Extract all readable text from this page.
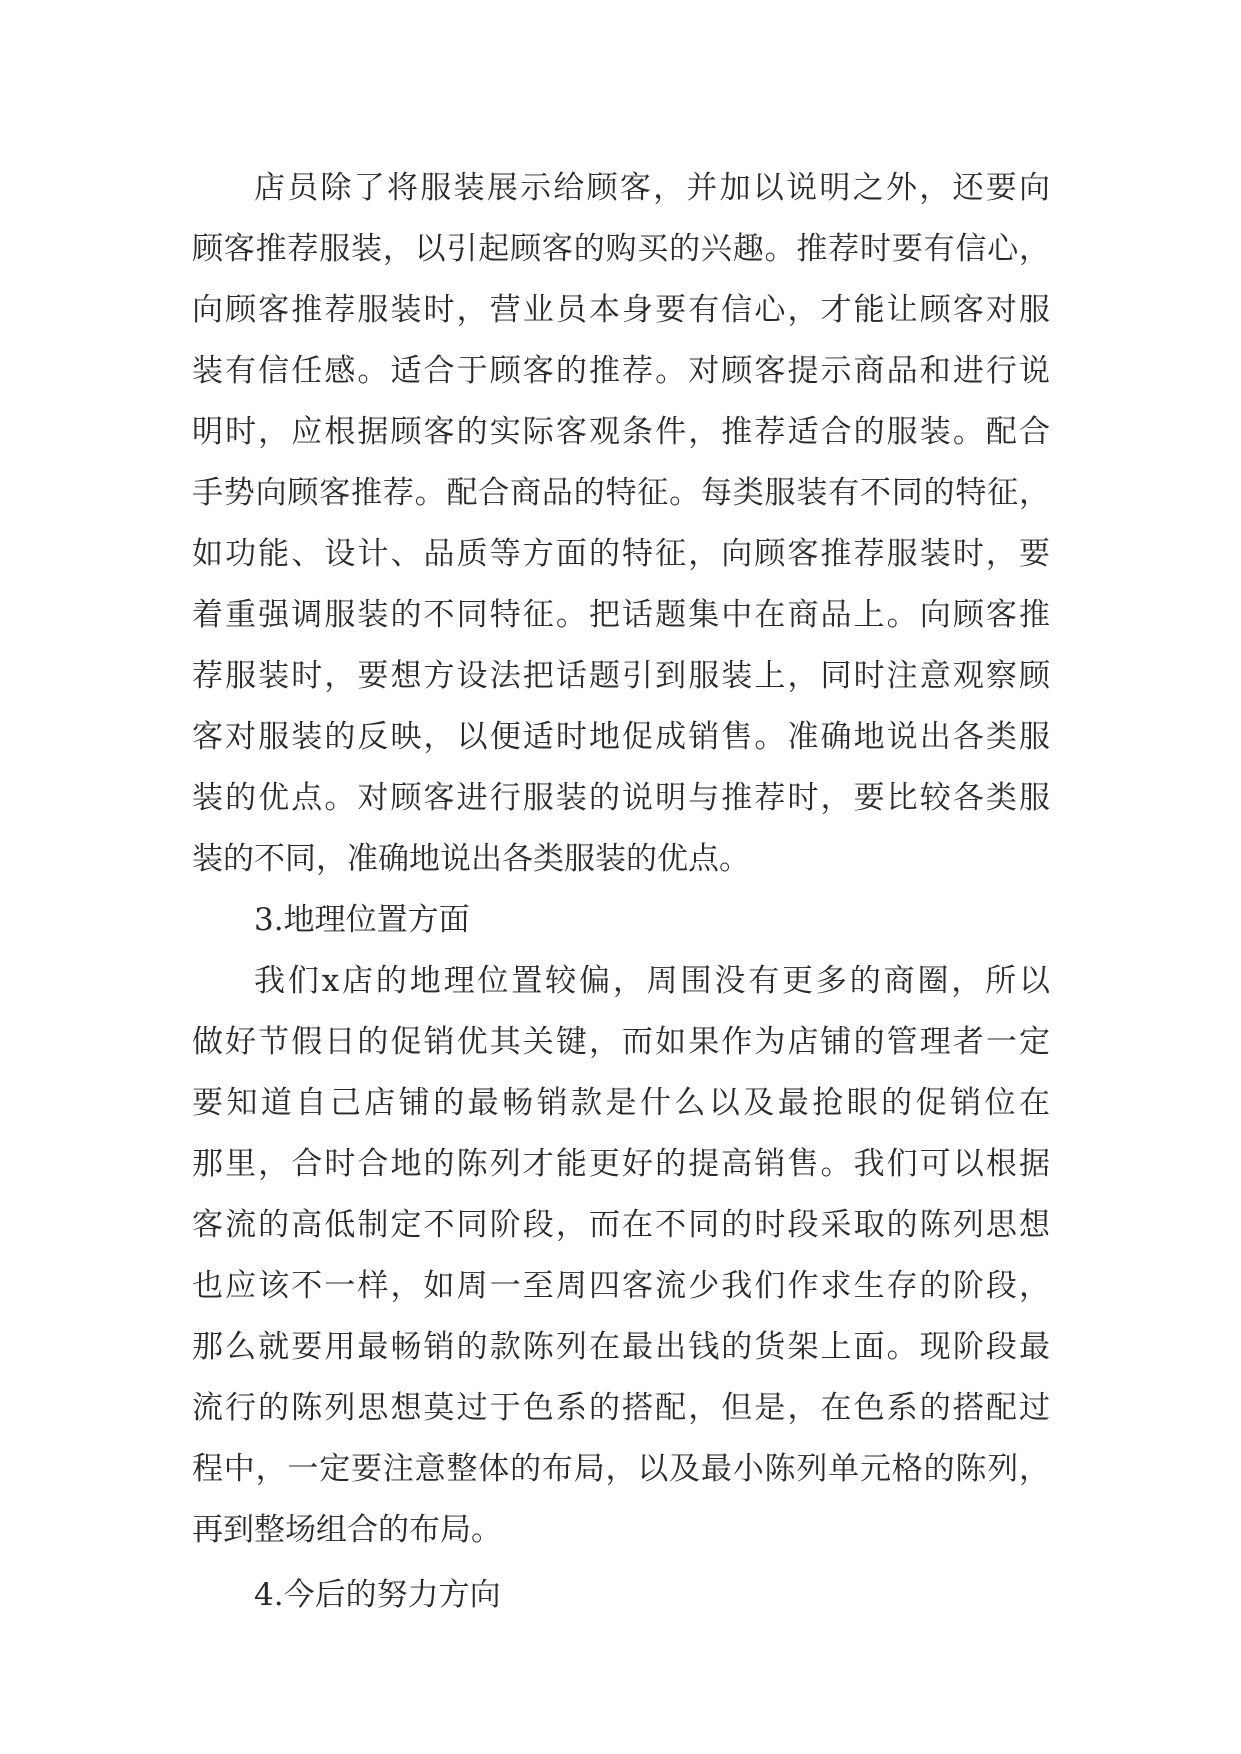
店员除了将服装展示给顾客，并加以说明之外，还要向
顾客推荐服装，以引起顾客的购买的兴趣。推荐时要有信心，
向顾客推荐服装时，营业员本身要有信心，才能让顾客对服
装有信任感。适合于顾客的推荐。对顾客提示商品和进行说
明时，应根据顾客的实际客观条件，推荐适合的服装。配合
手势向顾客推荐。配合商品的特征。每类服装有不同的特征，
如功能、设计、品质等方面的特征，向顾客推荐服装时，要
着重强调服装的不同特征。把话题集中在商品上。向顾客推
荐服装时，要想方设法把话题引到服装上，同时注意观察顾
客对服装的反映，以便适时地促成销售。准确地说出各类服
装的优点。对顾客进行服装的说明与推荐时，要比较各类服
装的不同，准确地说出各类服装的优点。
3.地理位置方面
我们x店的地理位置较偏，周围没有更多的商圈，所以
做好节假日的促销优其关键，而如果作为店铺的管理者一定
要知道自己店铺的最畅销款是什么以及最抢眼的促销位在
那里，合时合地的陈列才能更好的提高销售。我们可以根据
客流的高低制定不同阶段，而在不同的时段采取的陈列思想
也应该不一样，如周一至周四客流少我们作求生存的阶段，
那么就要用最畅销的款陈列在最出钱的货架上面。现阶段最
流行的陈列思想莫过于色系的搭配，但是，在色系的搭配过
程中，一定要注意整体的布局，以及最小陈列单元格的陈列，
再到整场组合的布局。
4.今后的努力方向
